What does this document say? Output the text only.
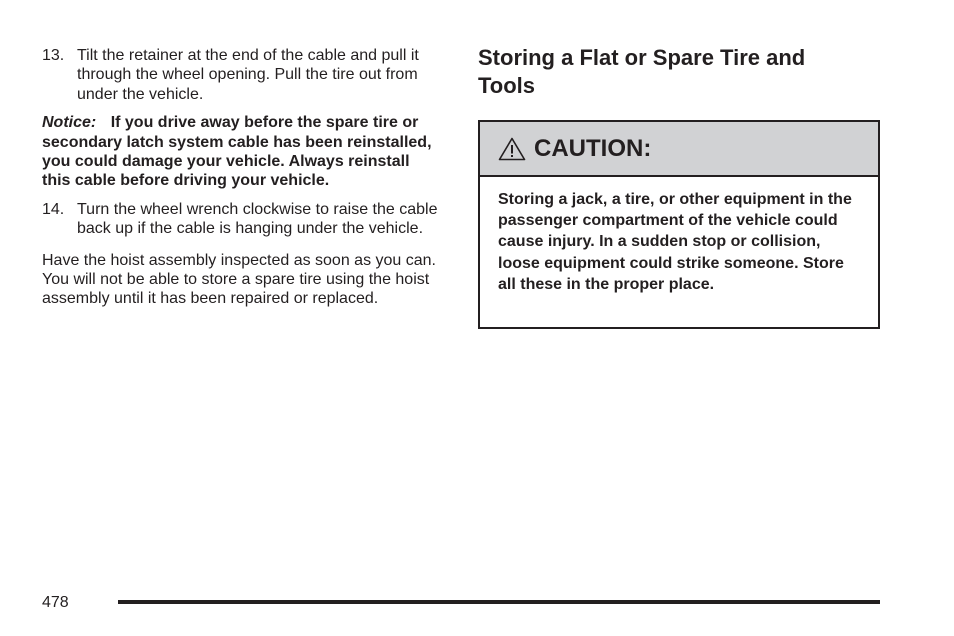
13. Tilt the retainer at the end of the cable and pull it through the wheel opening. Pull the tire out from under the vehicle.
Notice: If you drive away before the spare tire or secondary latch system cable has been reinstalled, you could damage your vehicle. Always reinstall this cable before driving your vehicle.
14. Turn the wheel wrench clockwise to raise the cable back up if the cable is hanging under the vehicle.
Have the hoist assembly inspected as soon as you can. You will not be able to store a spare tire using the hoist assembly until it has been repaired or replaced.
Storing a Flat or Spare Tire and Tools
CAUTION:
Storing a jack, a tire, or other equipment in the passenger compartment of the vehicle could cause injury. In a sudden stop or collision, loose equipment could strike someone. Store all these in the proper place.
478
